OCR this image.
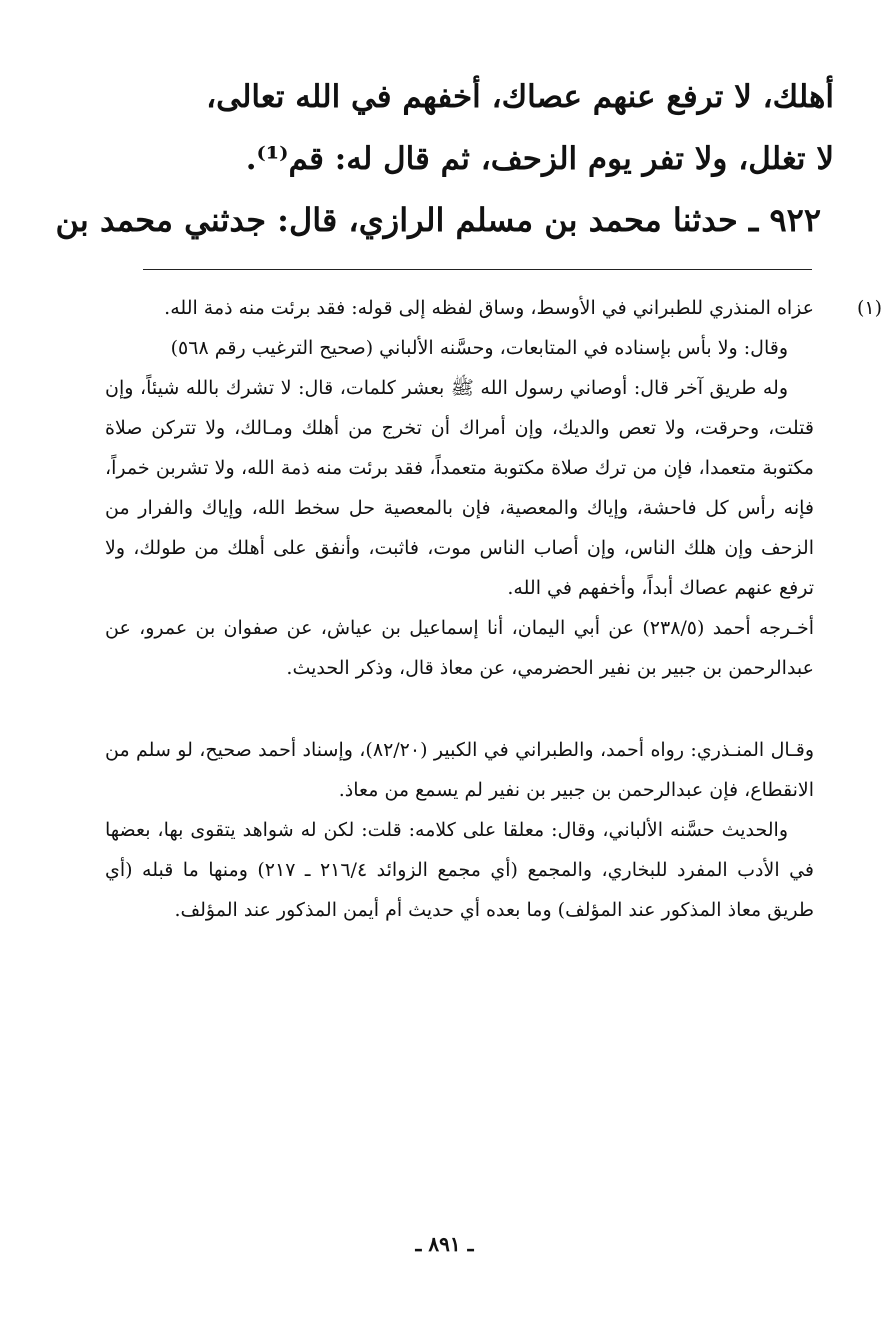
أهلك، لا ترفع عنهم عصاك، أخفهم في الله تعالى،

لا تغلل، ولا تفر يوم الزحف، ثم قال له: قم⁽¹⁾.

٩٢٢ ـ حدثنا محمد بن مسلم الرازي، قال: جدثني محمد بن

(١)

عزاه المنذري للطبراني في الأوسط، وساق لفظه إلى قوله: فقد برئت منه ذمة الله.

وقال: ولا بأس بإسناده في المتابعات، وحسَّنه الألباني (صحيح الترغيب رقم ٥٦٨)

وله طريق آخر قال: أوصاني رسول الله ﷺ بعشر كلمات، قال: لا تشرك بالله شيئاً، وإن قتلت، وحرقت، ولا تعص والديك، وإن أمراك أن تخرج من أهلك ومـالك، ولا تتركن صلاة مكتوبة متعمدا، فإن من ترك صلاة مكتوبة متعمداً، فقد برئت منه ذمة الله، ولا تشربن خمراً، فإنه رأس كل فاحشة، وإياك والمعصية، فإن بالمعصية حل سخط الله، وإياك والفرار من الزحف وإن هلك الناس، وإن أصاب الناس موت، فاثبت، وأنفق على أهلك من طولك، ولا ترفع عنهم عصاك أبداً، وأخفهم في الله.

أخـرجه أحمد (٢٣٨/٥) عن أبي اليمان، أنا إسماعيل بن عياش، عن صفوان بن عمرو، عن عبدالرحمن بن جبير بن نفير الحضرمي، عن معاذ قال، وذكر الحديث.

وقـال المنـذري: رواه أحمد، والطبراني في الكبير (٨٢/٢٠)، وإسناد أحمد صحيح، لو سلم من الانقطاع، فإن عبدالرحمن بن جبير بن نفير لم يسمع من معاذ.

والحديث حسَّنه الألباني، وقال: معلقا على كلامه: قلت: لكن له شواهد يتقوى بها، بعضها في الأدب المفرد للبخاري، والمجمع (أي مجمع الزوائد ٢١٦/٤ ـ ٢١٧) ومنها ما قبله (أي طريق معاذ المذكور عند المؤلف) وما بعده أي حديث أم أيمن المذكور عند المؤلف.

ـ ٨٩١ ـ
